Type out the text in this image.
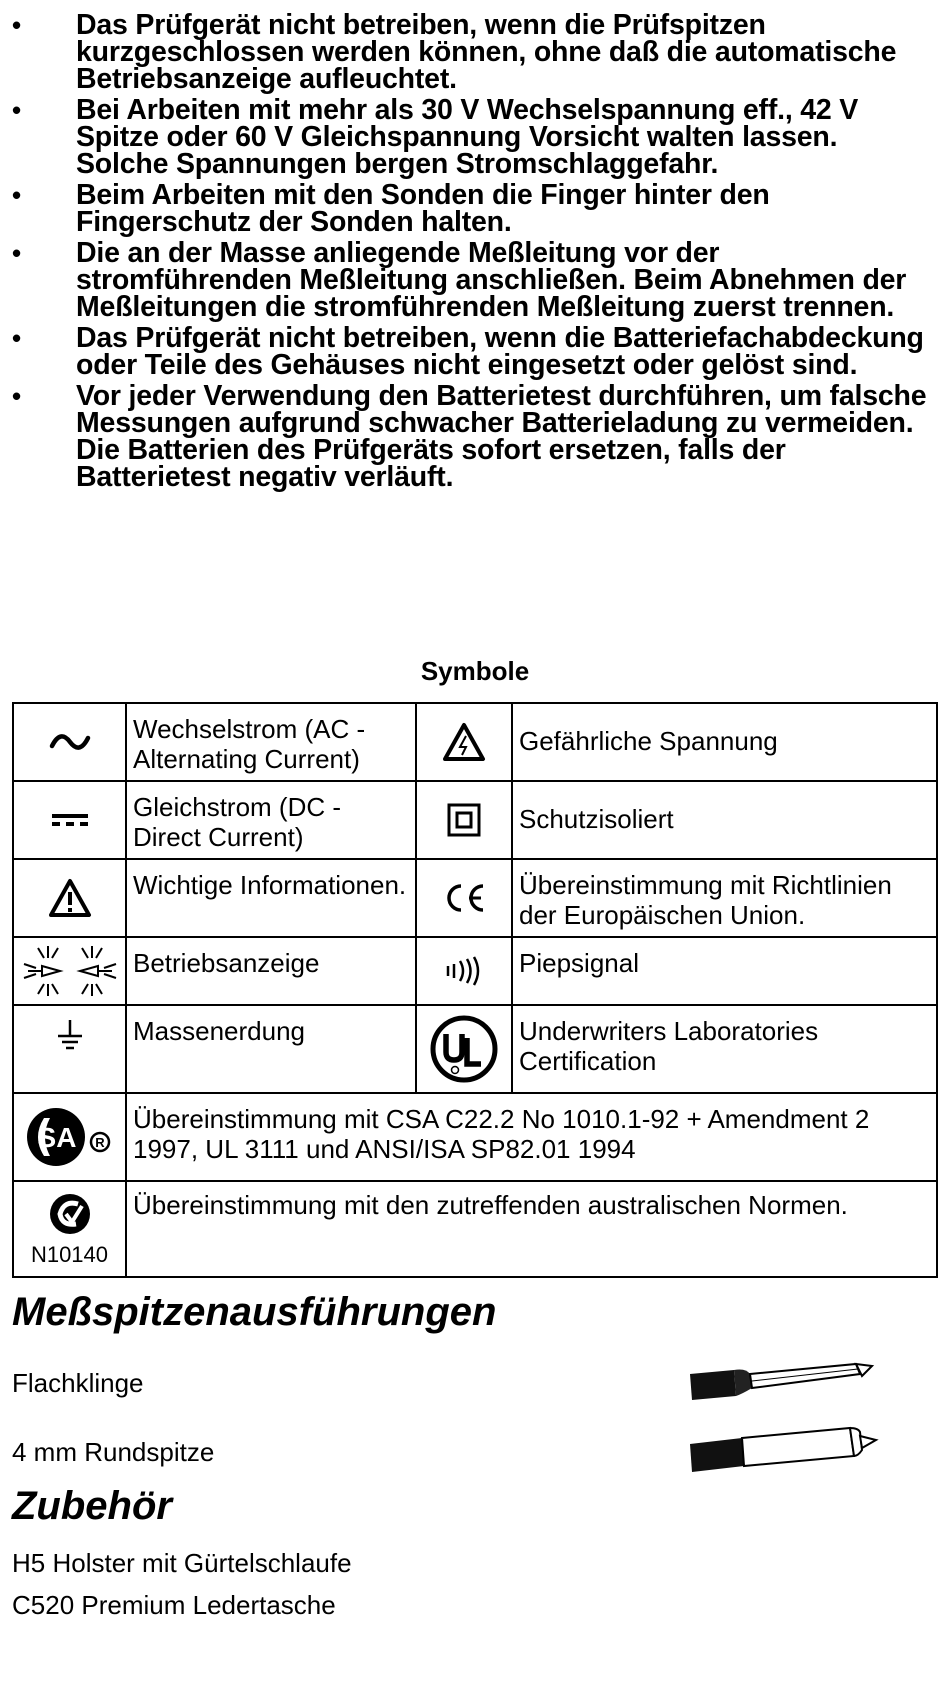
• Das Prüfgerät nicht betreiben, wenn die Prüfspitzen kurzgeschlossen werden können, ohne daß die automatische Betriebsanzeige aufleuchtet.
• Bei Arbeiten mit mehr als 30 V Wechselspannung eff., 42 V Spitze oder 60 V Gleichspannung Vorsicht walten lassen. Solche Spannungen bergen Stromschlaggefahr.
• Beim Arbeiten mit den Sonden die Finger hinter den Fingerschutz der Sonden halten.
• Die an der Masse anliegende Meßleitung vor der stromführenden Meßleitung anschließen. Beim Abnehmen der Meßleitungen die stromführenden Meßleitung zuerst trennen.
• Das Prüfgerät nicht betreiben, wenn die Batteriefachabdeckung oder Teile des Gehäuses nicht eingesetzt oder gelöst sind.
• Vor jeder Verwendung den Batterietest durchführen, um falsche Messungen aufgrund schwacher Batterieladung zu vermeiden. Die Batterien des Prüfgeräts sofort ersetzen, falls der Batterietest negativ verläuft.
Symbole
	Wechselstrom (AC - Alternating Current)		Gefährliche Spannung

	Gleichstrom (DC - Direct Current)		Schutzisoliert

	Wichtige Informationen.		Übereinstimmung mit Richtlinien der Europäischen Union.

	Betriebsanzeige		Piepsignal

	Massenerdung		Underwriters Laboratories Certification

SA R	Übereinstimmung mit CSA C22.2 No 1010.1-92 + Amendment 2 1997, UL 3111 und ANSI/ISA SP82.01 1994		

N10140	Übereinstimmung mit den zutreffenden australischen Normen.		
Meßspitzenausführungen

Flachklinge

4 mm Rundspitze

Zubehör

H5 Holster mit Gürtelschlaufe

C520 Premium Ledertasche
